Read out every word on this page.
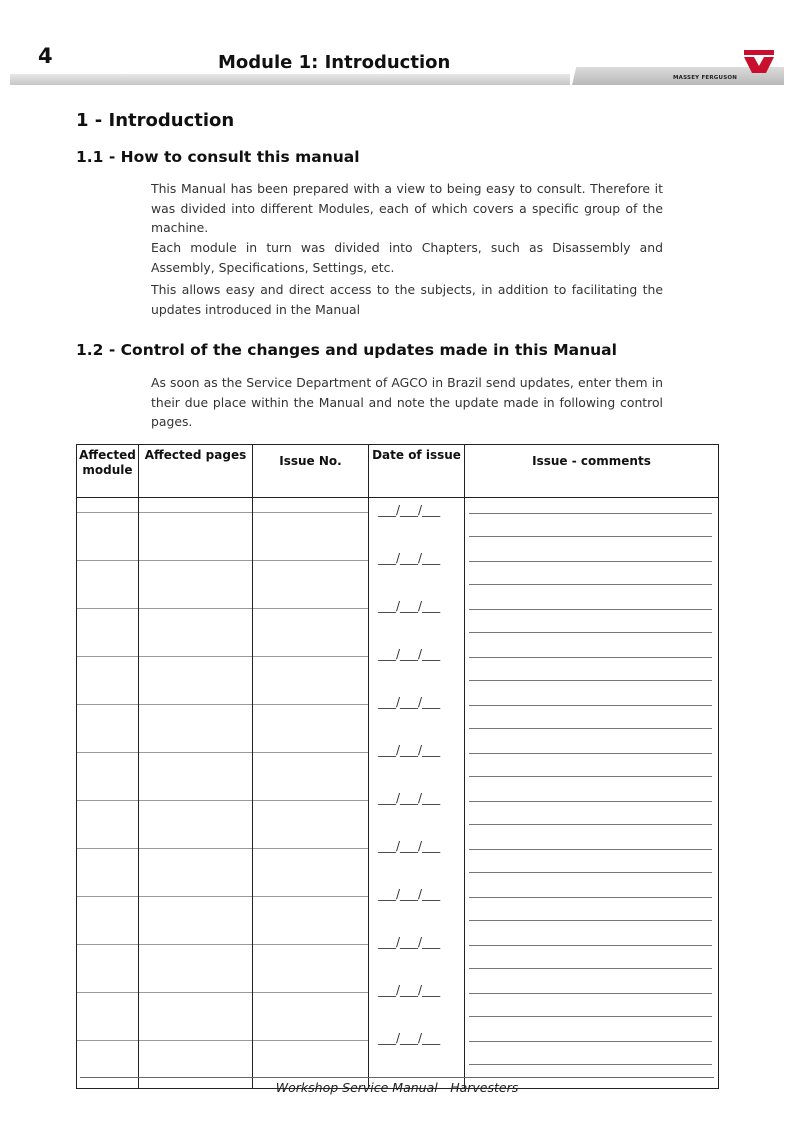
4	Module 1: Introduction
MASSEY FERGUSON
1 - Introduction
1.1 - How to consult this manual

This Manual has been prepared with a view to being easy to consult. Therefore it was divided into different Modules, each of which covers a specific group of the machine.

Each module in turn was divided into Chapters, such as Disassembly and Assembly, Specifications, Settings, etc.

This allows easy and direct access to the subjects, in addition to facilitating the updates introduced in the Manual

1.2 - Control of the changes and updates made in this Manual

As soon as the Service Department of AGCO in Brazil send updates, enter them in their due place within the Manual and note the update made in following control pages.

Affected module	Affected pages	Issue No.	Date of issue	Issue - comments

			___/___/___	

			___/___/___	

			___/___/___	

			___/___/___	

			___/___/___	

			___/___/___	

			___/___/___	

			___/___/___	

			___/___/___	

			___/___/___	

			___/___/___	

			___/___/___	

Workshop Service Manual - Harvesters
